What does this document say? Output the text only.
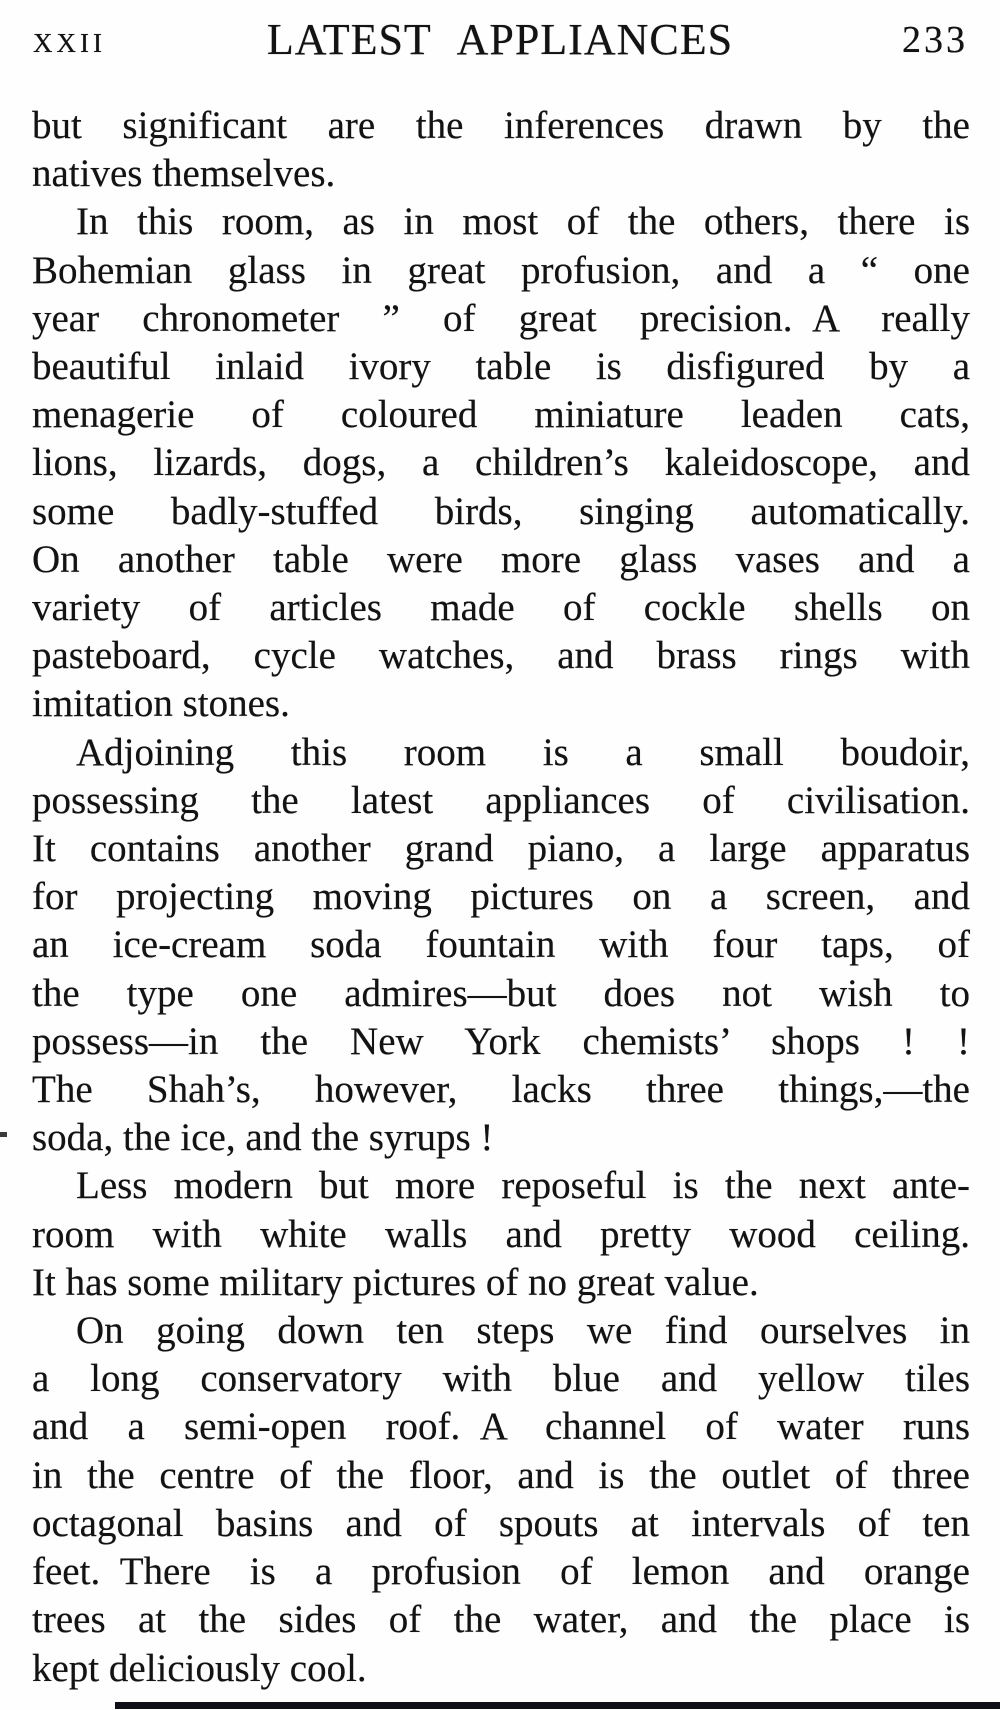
XXII	LATEST APPLIANCES	233
but significant are the inferences drawn by the
natives themselves.
In this room, as in most of the others, there is
Bohemian glass in great profusion, and a “ one
year chronometer ” of great precision. A really
beautiful inlaid ivory table is disfigured by a
menagerie of coloured miniature leaden cats,
lions, lizards, dogs, a children’s kaleidoscope, and
some badly-stuffed birds, singing automatically.
On another table were more glass vases and a
variety of articles made of cockle shells on
pasteboard, cycle watches, and brass rings with
imitation stones.
Adjoining this room is a small boudoir,
possessing the latest appliances of civilisation.
It contains another grand piano, a large apparatus
for projecting moving pictures on a screen, and
an ice-cream soda fountain with four taps, of
the type one admires—but does not wish to
possess—in the New York chemists’ shops ! !
The Shah’s, however, lacks three things,—the
soda, the ice, and the syrups !
Less modern but more reposeful is the next ante-
room with white walls and pretty wood ceiling.
It has some military pictures of no great value.
On going down ten steps we find ourselves in
a long conservatory with blue and yellow tiles
and a semi-open roof. A channel of water runs
in the centre of the floor, and is the outlet of three
octagonal basins and of spouts at intervals of ten
feet. There is a profusion of lemon and orange
trees at the sides of the water, and the place is
kept deliciously cool.
